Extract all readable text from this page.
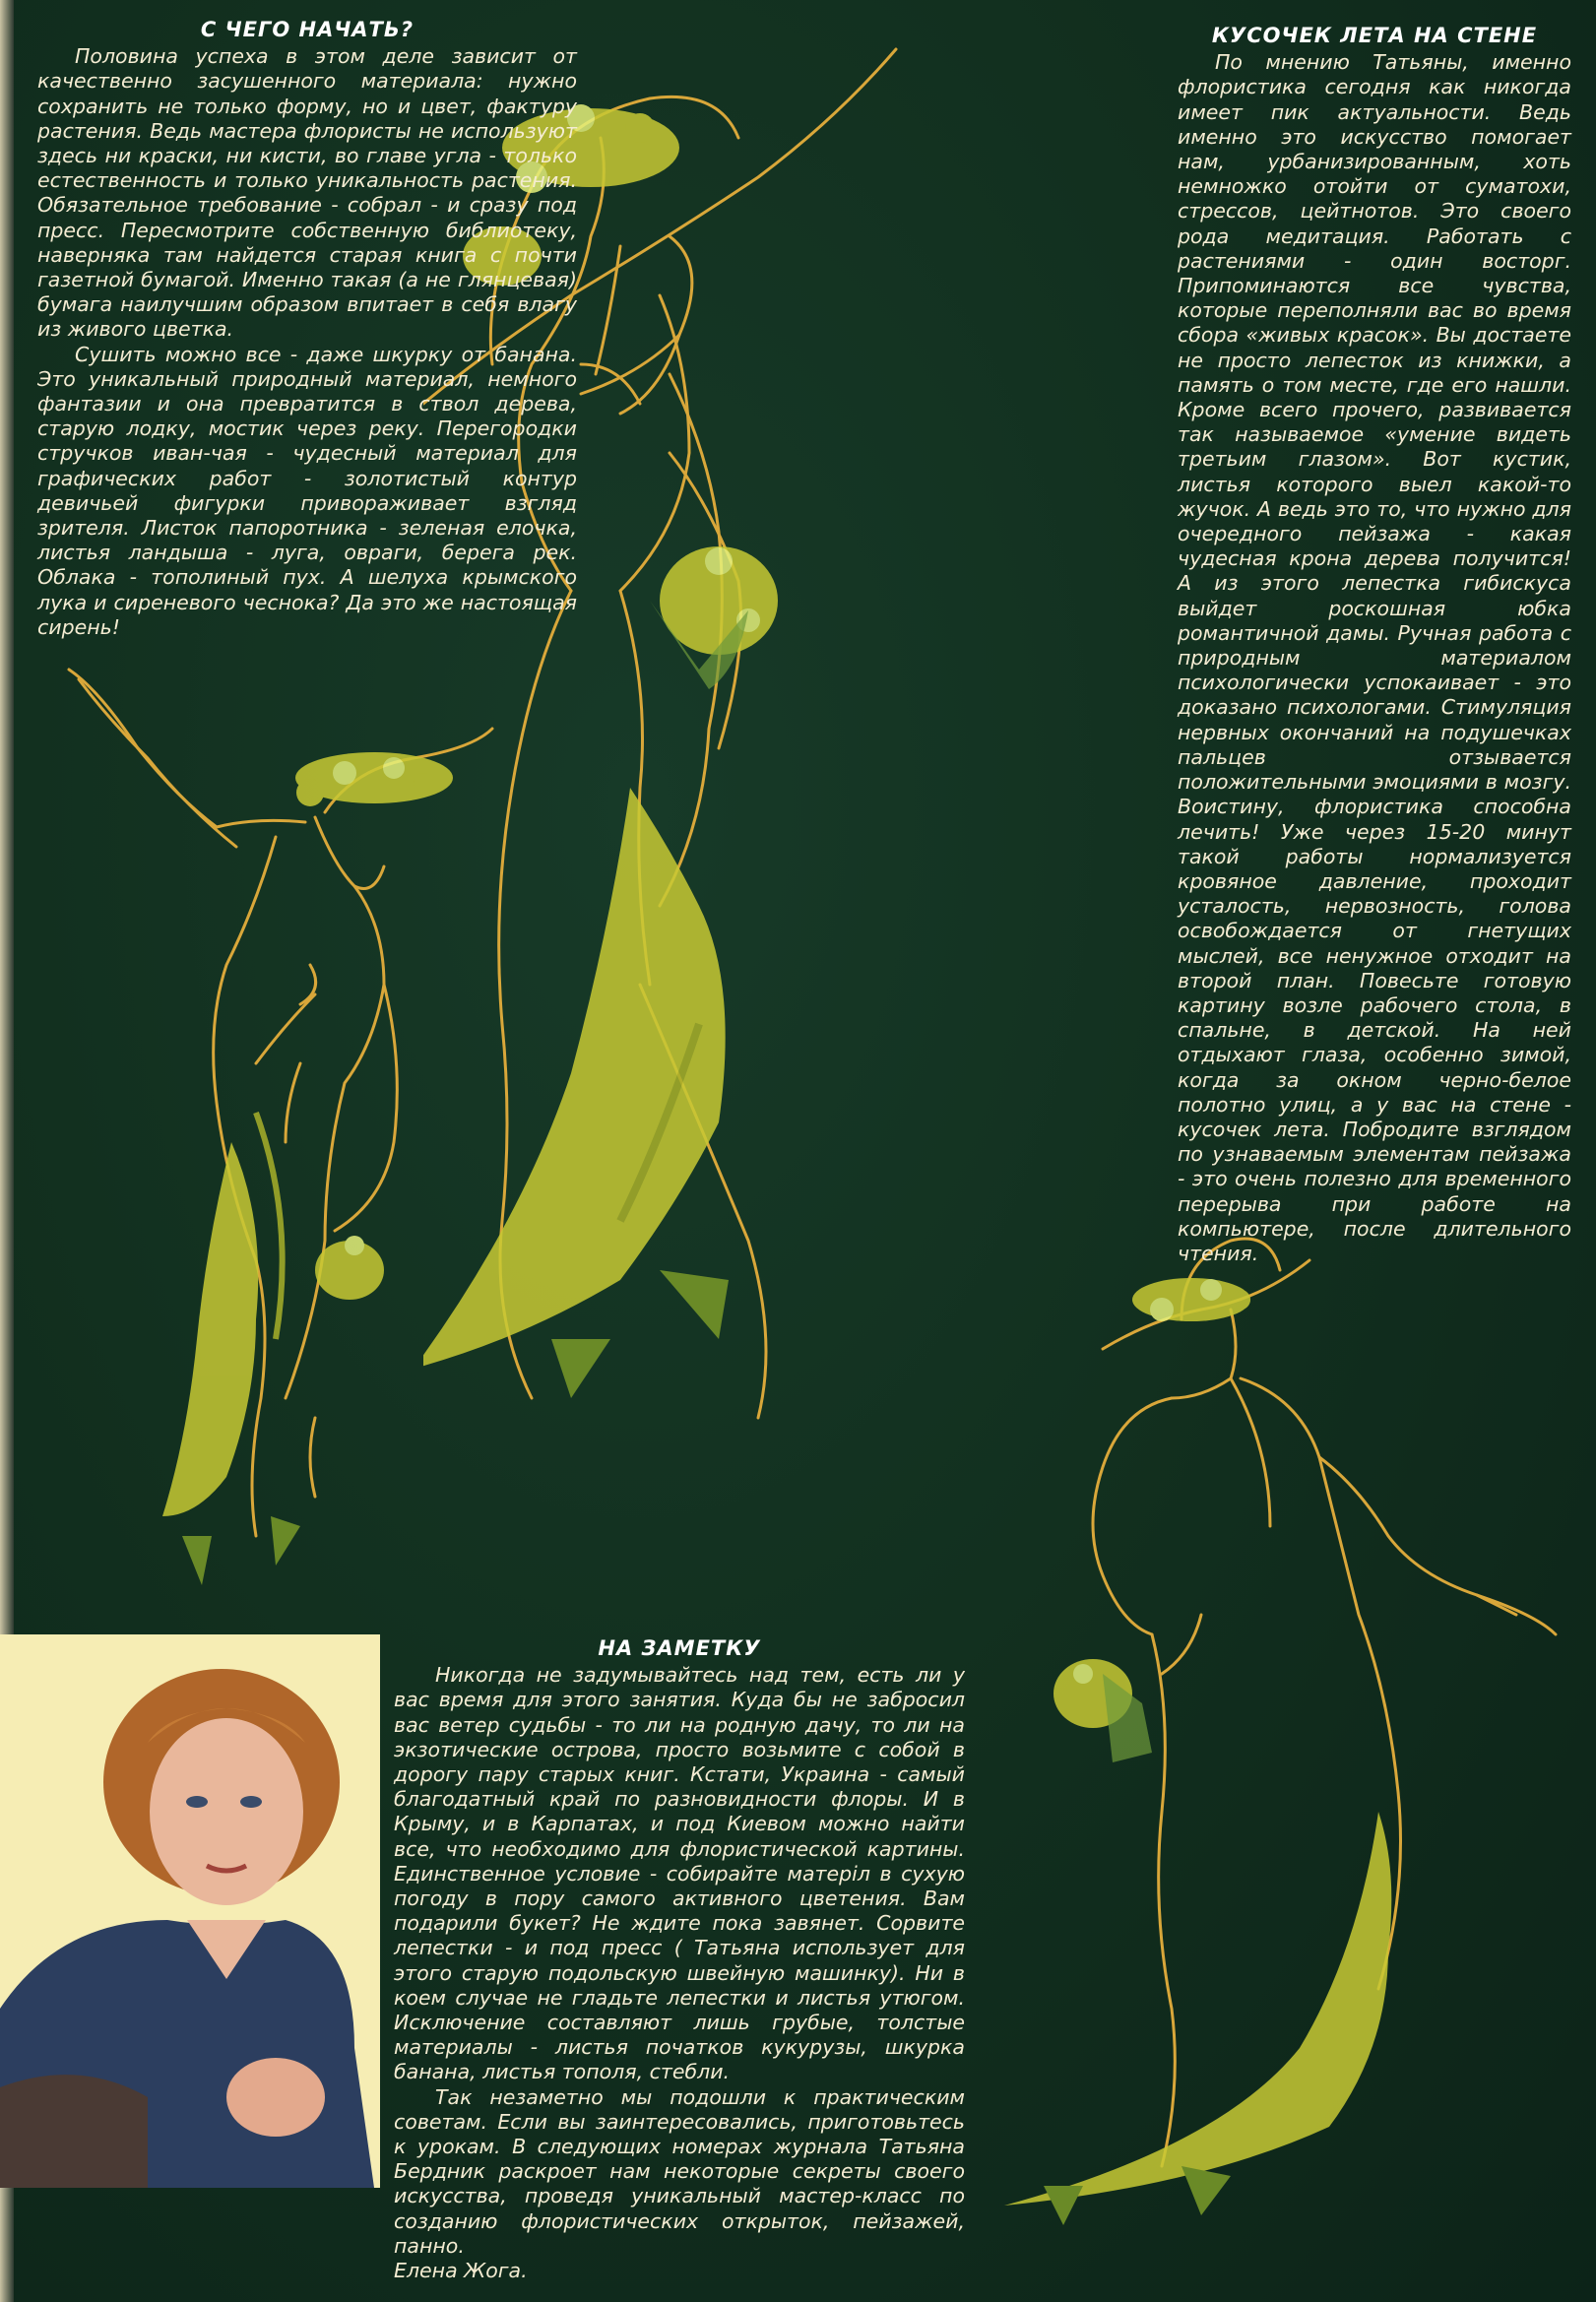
С ЧЕГО НАЧАТЬ?

Половина успеха в этом деле зависит от качественно засушенного материала: нужно сохранить не только форму, но и цвет, фактуру растения. Ведь мастера флористы не используют здесь ни краски, ни кисти, во главе угла - только естественность и только уникальность растения. Обязательное требование - собрал - и сразу под пресс. Пересмотрите собственную библиотеку, наверняка там найдется старая книга с почти газетной бумагой. Именно такая (а не глянцевая) бумага наилучшим образом впитает в себя влагу из живого цветка.

Сушить можно все - даже шкурку от банана. Это уникальный природный материал, немного фантазии и она превратится в ствол дерева, старую лодку, мостик через реку. Перегородки стручков иван-чая - чудесный материал для графических работ - золотистый контур девичьей фигурки привораживает взгляд зрителя. Листок папоротника - зеленая елочка, листья ландыша - луга, овраги, берега рек. Облака - тополиный пух. А шелуха крымского лука и сиреневого чеснока? Да это же настоящая сирень!

КУСОЧЕК ЛЕТА НА СТЕНЕ

По мнению Татьяны, именно флористика сегодня как никогда имеет пик актуальности. Ведь именно это искусство помогает нам, урбанизированным, хоть немножко отойти от суматохи, стрессов, цейтнотов. Это своего рода медитация. Работать с растениями - один восторг. Припоминаются все чувства, которые переполняли вас во время сбора «живых красок». Вы достаете не просто лепесток из книжки, а память о том месте, где его нашли. Кроме всего прочего, развивается так называемое «умение видеть третьим глазом». Вот кустик, листья которого выел какой-то жучок. А ведь это то, что нужно для очередного пейзажа - какая чудесная крона дерева получится! А из этого лепестка гибискуса выйдет роскошная юбка романтичной дамы. Ручная работа с природным материалом психологически успокаивает - это доказано психологами. Стимуляция нервных окончаний на подушечках пальцев отзывается положительными эмоциями в мозгу. Воистину, флористика способна лечить! Уже через 15-20 минут такой работы нормализуется кровяное давление, проходит усталость, нервозность, голова освобождается от гнетущих мыслей, все ненужное отходит на второй план. Повесьте готовую картину возле рабочего стола, в спальне, в детской. На ней отдыхают глаза, особенно зимой, когда за окном черно-белое полотно улиц, а у вас на стене - кусочек лета. Побродите взглядом по узнаваемым элементам пейзажа - это очень полезно для временного перерыва при работе на компьютере, после длительного чтения.

НА ЗАМЕТКУ

Никогда не задумывайтесь над тем, есть ли у вас время для этого занятия. Куда бы не забросил вас ветер судьбы - то ли на родную дачу, то ли на экзотические острова, просто возьмите с собой в дорогу пару старых книг. Кстати, Украина - самый благодатный край по разновидности флоры. И в Крыму, и в Карпатах, и под Киевом можно найти все, что необходимо для флористической картины. Единственное условие - собирайте матерiл в сухую погоду в пору самого активного цветения. Вам подарили букет? Не ждите пока завянет. Сорвите лепестки - и под пресс ( Татьяна использует для этого старую подольскую швейную машинку). Ни в коем случае не гладьте лепестки и листья утюгом. Исключение составляют лишь грубые, толстые материалы - листья початков кукурузы, шкурка банана, листья тополя, стебли.

Так незаметно мы подошли к практическим советам. Если вы заинтересовались, приготовьтесь к урокам. В следующих номерах журнала Татьяна Бердник раскроет нам некоторые секреты своего искусства, проведя уникальный мастер-класс по созданию флористических открыток, пейзажей, панно.

Елена Жога.
